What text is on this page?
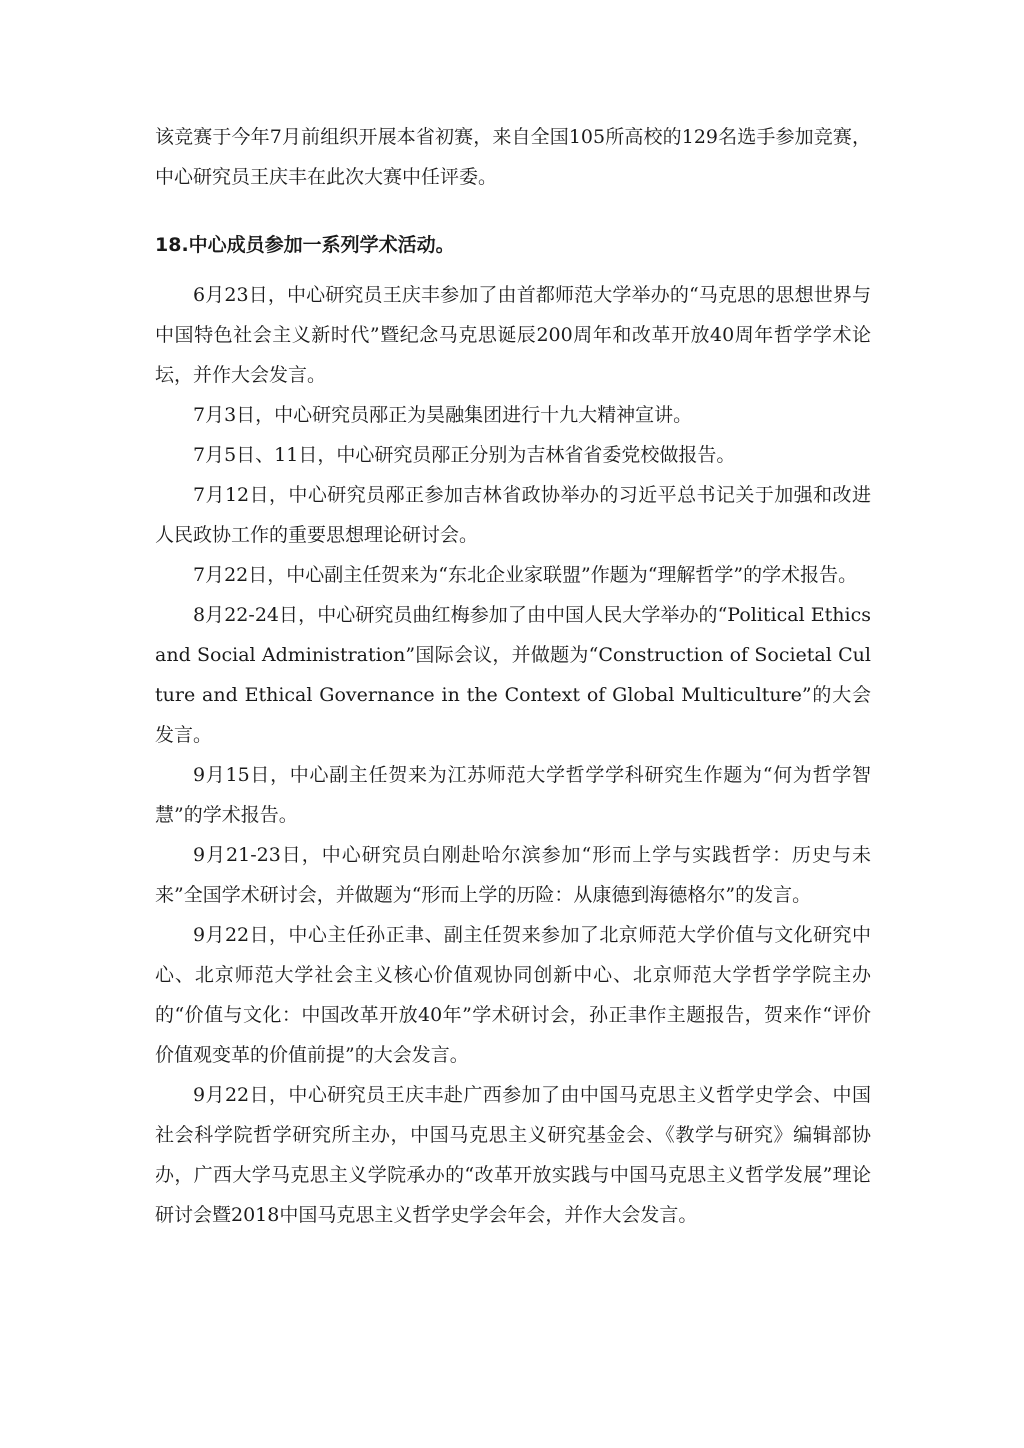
该竞赛于今年7月前组织开展本省初赛，来自全国105所高校的129名选手参加竞赛，中心研究员王庆丰在此次大赛中任评委。

18.中心成员参加一系列学术活动。

6月23日，中心研究员王庆丰参加了由首都师范大学举办的“马克思的思想世界与中国特色社会主义新时代”暨纪念马克思诞辰200周年和改革开放40周年哲学学术论坛，并作大会发言。

7月3日，中心研究员邴正为昊融集团进行十九大精神宣讲。

7月5日、11日，中心研究员邴正分别为吉林省省委党校做报告。

7月12日，中心研究员邴正参加吉林省政协举办的习近平总书记关于加强和改进人民政协工作的重要思想理论研讨会。

7月22日，中心副主任贺来为“东北企业家联盟”作题为“理解哲学”的学术报告。

8月22-24日，中心研究员曲红梅参加了由中国人民大学举办的“Political Ethics and Social Administration”国际会议，并做题为“Construction of Societal Culture and Ethical Governance in the Context of Global Multiculture”的大会发言。

9月15日，中心副主任贺来为江苏师范大学哲学学科研究生作题为“何为哲学智慧”的学术报告。

9月21-23日，中心研究员白刚赴哈尔滨参加“形而上学与实践哲学：历史与未来”全国学术研讨会，并做题为“形而上学的历险：从康德到海德格尔”的发言。

9月22日，中心主任孙正聿、副主任贺来参加了北京师范大学价值与文化研究中心、北京师范大学社会主义核心价值观协同创新中心、北京师范大学哲学学院主办的“价值与文化：中国改革开放40年”学术研讨会，孙正聿作主题报告，贺来作“评价价值观变革的价值前提”的大会发言。

9月22日，中心研究员王庆丰赴广西参加了由中国马克思主义哲学史学会、中国社会科学院哲学研究所主办，中国马克思主义研究基金会、《教学与研究》编辑部协办，广西大学马克思主义学院承办的“改革开放实践与中国马克思主义哲学发展”理论研讨会暨2018中国马克思主义哲学史学会年会，并作大会发言。
